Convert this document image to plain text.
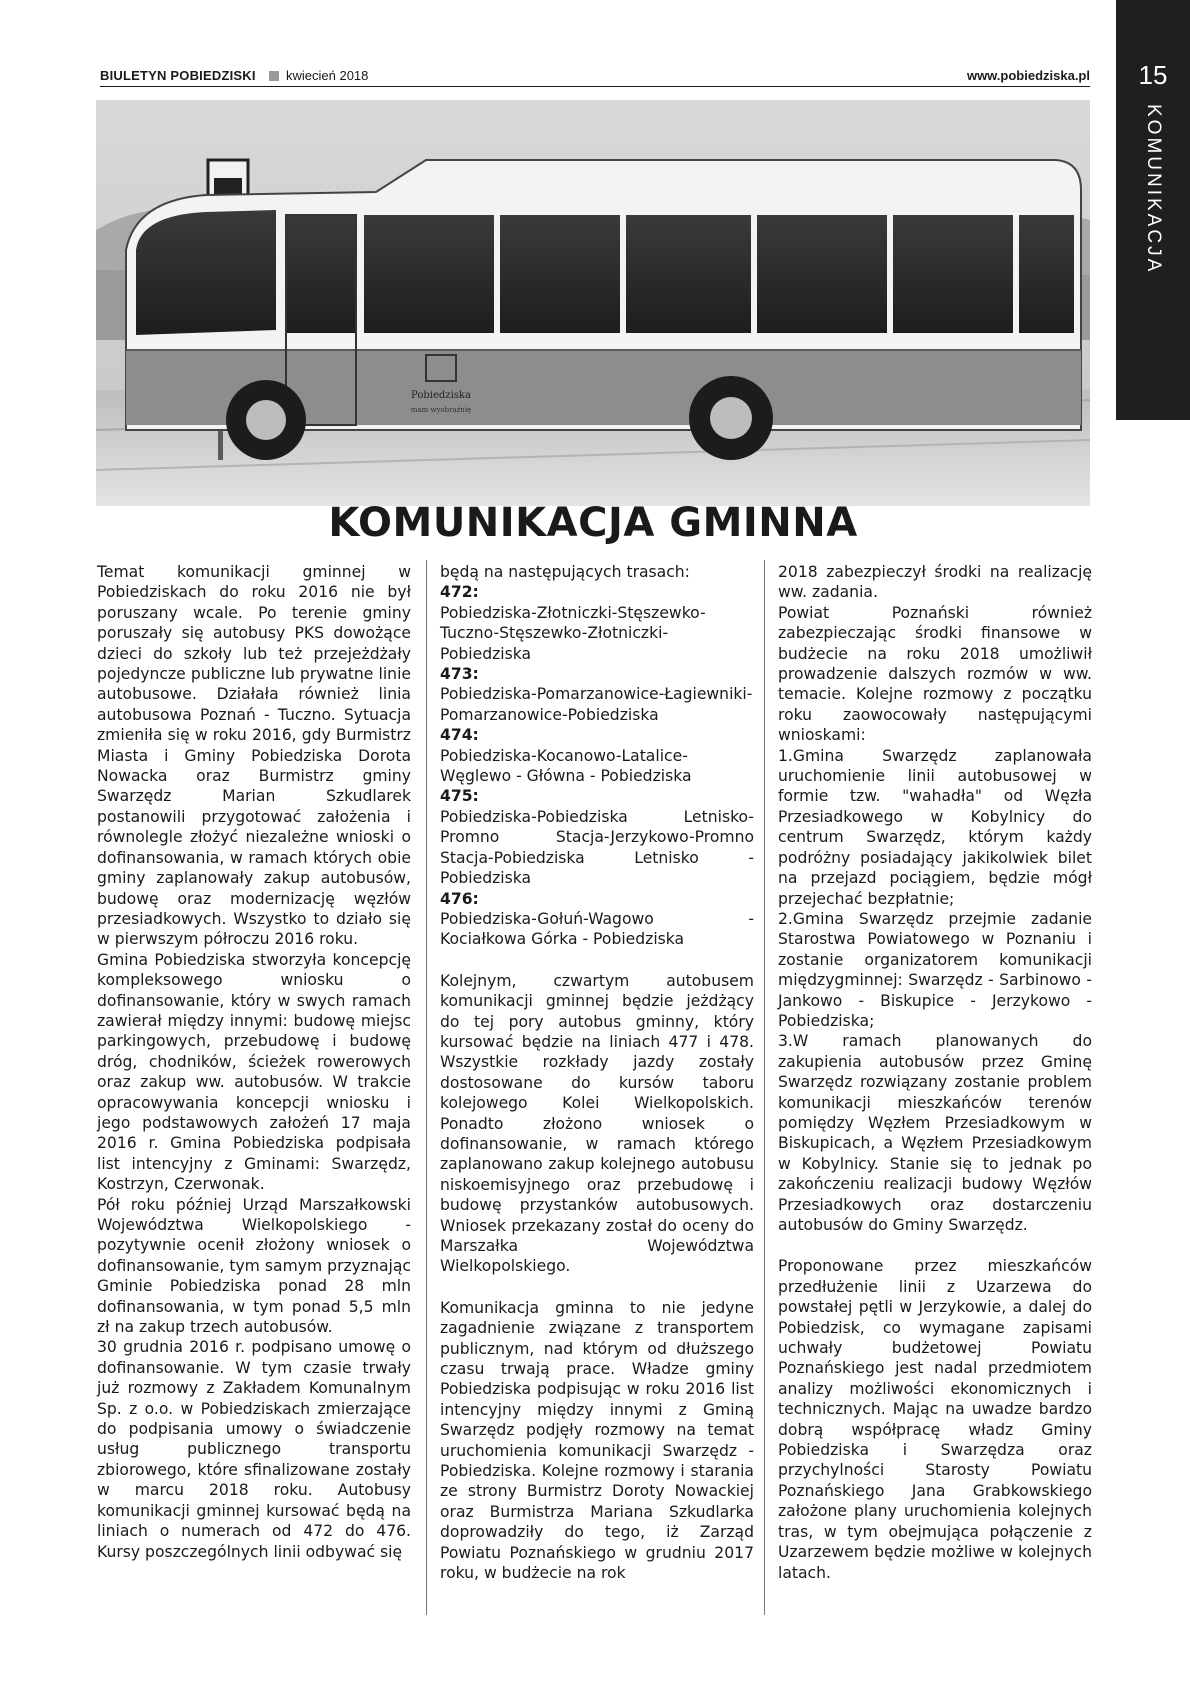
BIULETYN POBIEDZISKI kwiecień 2018	www.pobiedziska.pl	15
KOMUNIKACJA
Pobiedziska
mam wyobraźnię
KOMUNIKACJA GMINNA

Temat komunikacji gminnej w Pobiedziskach do roku 2016 nie był poruszany wcale. Po terenie gminy poruszały się autobusy PKS dowożące dzieci do szkoły lub też przejeżdżały pojedyncze publiczne lub prywatne linie autobusowe. Działała również linia autobusowa Poznań - Tuczno. Sytuacja zmieniła się w roku 2016, gdy Burmistrz Miasta i Gminy Pobiedziska Dorota Nowacka oraz Burmistrz gminy Swarzędz Marian Szkudlarek postanowili przygotować założenia i równolegle złożyć niezależne wnioski o dofinansowania, w ramach których obie gminy zaplanowały zakup autobusów, budowę oraz modernizację węzłów przesiadkowych. Wszystko to działo się w pierwszym półroczu 2016 roku.

Gmina Pobiedziska stworzyła koncepcję kompleksowego wniosku o dofinansowanie, który w swych ramach zawierał między innymi: budowę miejsc parkingowych, przebudowę i budowę dróg, chodników, ścieżek rowerowych oraz zakup ww. autobusów. W trakcie opracowywania koncepcji wniosku i jego podstawowych założeń 17 maja 2016 r. Gmina Pobiedziska podpisała list intencyjny z Gminami: Swarzędz, Kostrzyn, Czerwonak.

Pół roku później Urząd Marszałkowski Województwa Wielkopolskiego - pozytywnie ocenił złożony wniosek o dofinansowanie, tym samym przyznając Gminie Pobiedziska ponad 28 mln dofinansowania, w tym ponad 5,5 mln zł na zakup trzech autobusów.

30 grudnia 2016 r. podpisano umowę o dofinansowanie. W tym czasie trwały już rozmowy z Zakładem Komunalnym Sp. z o.o. w Pobiedziskach zmierzające do podpisania umowy o świadczenie usług publicznego transportu zbiorowego, które sfinalizowane zostały w marcu 2018 roku. Autobusy komunikacji gminnej kursować będą na liniach o numerach od 472 do 476. Kursy poszczególnych linii odbywać się

będą na następujących trasach:

472:

Pobiedziska-Złotniczki-Stęszewko-Tuczno-Stęszewko-Złotniczki-Pobiedziska

473:

Pobiedziska-Pomarzanowice-Łagiewniki-Pomarzanowice-Pobiedziska

474:

Pobiedziska-Kocanowo-Latalice-Węglewo - Główna - Pobiedziska

475:

Pobiedziska-Pobiedziska Letnisko-Promno Stacja-Jerzykowo-Promno Stacja-Pobiedziska Letnisko - Pobiedziska

476:

Pobiedziska-Gołuń-Wagowo - Kociałkowa Górka - Pobiedziska

Kolejnym, czwartym autobusem komunikacji gminnej będzie jeżdżący do tej pory autobus gminny, który kursować będzie na liniach 477 i 478. Wszystkie rozkłady jazdy zostały dostosowane do kursów taboru kolejowego Kolei Wielkopolskich. Ponadto złożono wniosek o dofinansowanie, w ramach którego zaplanowano zakup kolejnego autobusu niskoemisyjnego oraz przebudowę i budowę przystanków autobusowych. Wniosek przekazany został do oceny do Marszałka Województwa Wielkopolskiego.

Komunikacja gminna to nie jedyne zagadnienie związane z transportem publicznym, nad którym od dłuższego czasu trwają prace. Władze gminy Pobiedziska podpisując w roku 2016 list intencyjny między innymi z Gminą Swarzędz podjęły rozmowy na temat uruchomienia komunikacji Swarzędz - Pobiedziska. Kolejne rozmowy i starania ze strony Burmistrz Doroty Nowackiej oraz Burmistrza Mariana Szkudlarka doprowadziły do tego, iż Zarząd Powiatu Poznańskiego w grudniu 2017 roku, w budżecie na rok

2018 zabezpieczył środki na realizację ww. zadania.

Powiat Poznański również zabezpieczając środki finansowe w budżecie na roku 2018 umożliwił prowadzenie dalszych rozmów w ww. temacie. Kolejne rozmowy z początku roku zaowocowały następującymi wnioskami:

1.Gmina Swarzędz zaplanowała uruchomienie linii autobusowej w formie tzw. "wahadła" od Węzła Przesiadkowego w Kobylnicy do centrum Swarzędz, którym każdy podróżny posiadający jakikolwiek bilet na przejazd pociągiem, będzie mógł przejechać bezpłatnie;

2.Gmina Swarzędz przejmie zadanie Starostwa Powiatowego w Poznaniu i zostanie organizatorem komunikacji międzygminnej: Swarzędz - Sarbinowo - Jankowo - Biskupice - Jerzykowo - Pobiedziska;

3.W ramach planowanych do zakupienia autobusów przez Gminę Swarzędz rozwiązany zostanie problem komunikacji mieszkańców terenów pomiędzy Węzłem Przesiadkowym w Biskupicach, a Węzłem Przesiadkowym w Kobylnicy. Stanie się to jednak po zakończeniu realizacji budowy Węzłów Przesiadkowych oraz dostarczeniu autobusów do Gminy Swarzędz.

Proponowane przez mieszkańców przedłużenie linii z Uzarzewa do powstałej pętli w Jerzykowie, a dalej do Pobiedzisk, co wymagane zapisami uchwały budżetowej Powiatu Poznańskiego jest nadal przedmiotem analizy możliwości ekonomicznych i technicznych. Mając na uwadze bardzo dobrą współpracę władz Gminy Pobiedziska i Swarzędza oraz przychylności Starosty Powiatu Poznańskiego Jana Grabkowskiego założone plany uruchomienia kolejnych tras, w tym obejmująca połączenie z Uzarzewem będzie możliwe w kolejnych latach.
